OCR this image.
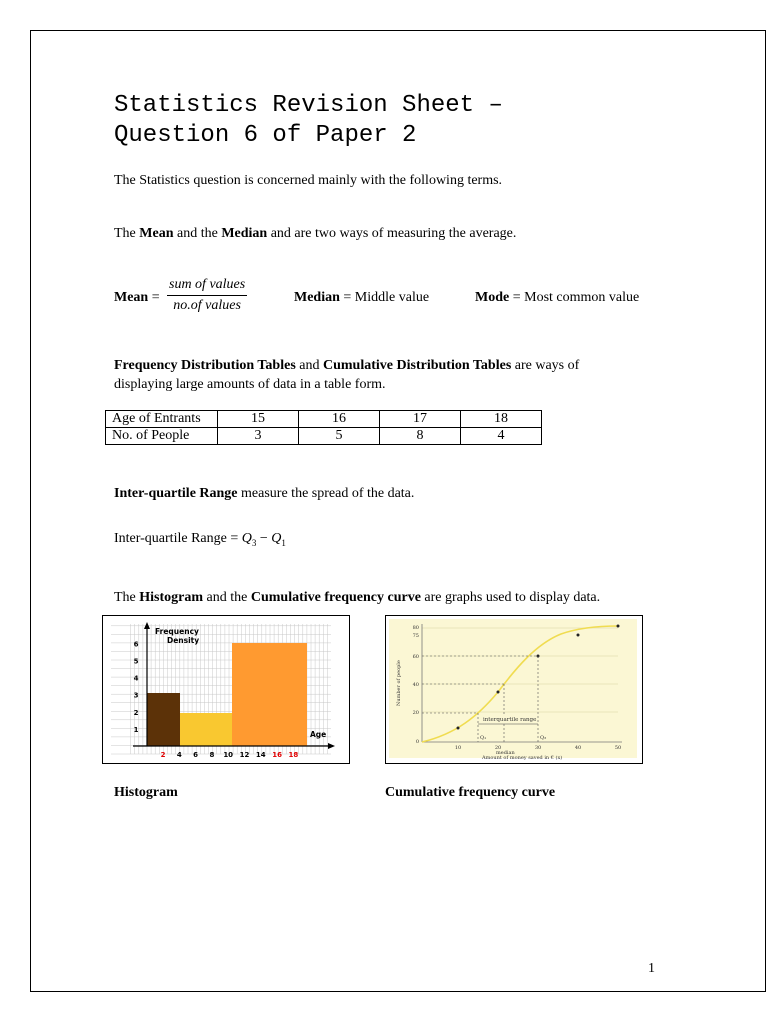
Statistics Revision Sheet –
Question 6 of Paper 2
The Statistics question is concerned mainly with the following terms.
The Mean and the Median and are two ways of measuring the average.
Mean = $\frac{\text{sum of values}}{\text{no.of values}}$	Median = Middle value	Mode = Most common value
Frequency Distribution Tables and Cumulative Distribution Tables are ways of
displaying large amounts of data in a table form.
Age of Entrants	15	16	17	18
No. of People	3	5	8	4
Inter-quartile Range measure the spread of the data.
Inter-quartile Range = $Q_3 - Q_1$
The Histogram and the Cumulative frequency curve are graphs used to display data.
Frequency
Density
Age
1
2
3
4
5
6
2 4 6 8 10 12 14 16 18
interquartile range
Q₁	Q₃
median
0
20
40
60
75
80
10	20	30	40	50
Amount of money saved in € (x)
Number of people
Histogram	Cumulative frequency curve
1
